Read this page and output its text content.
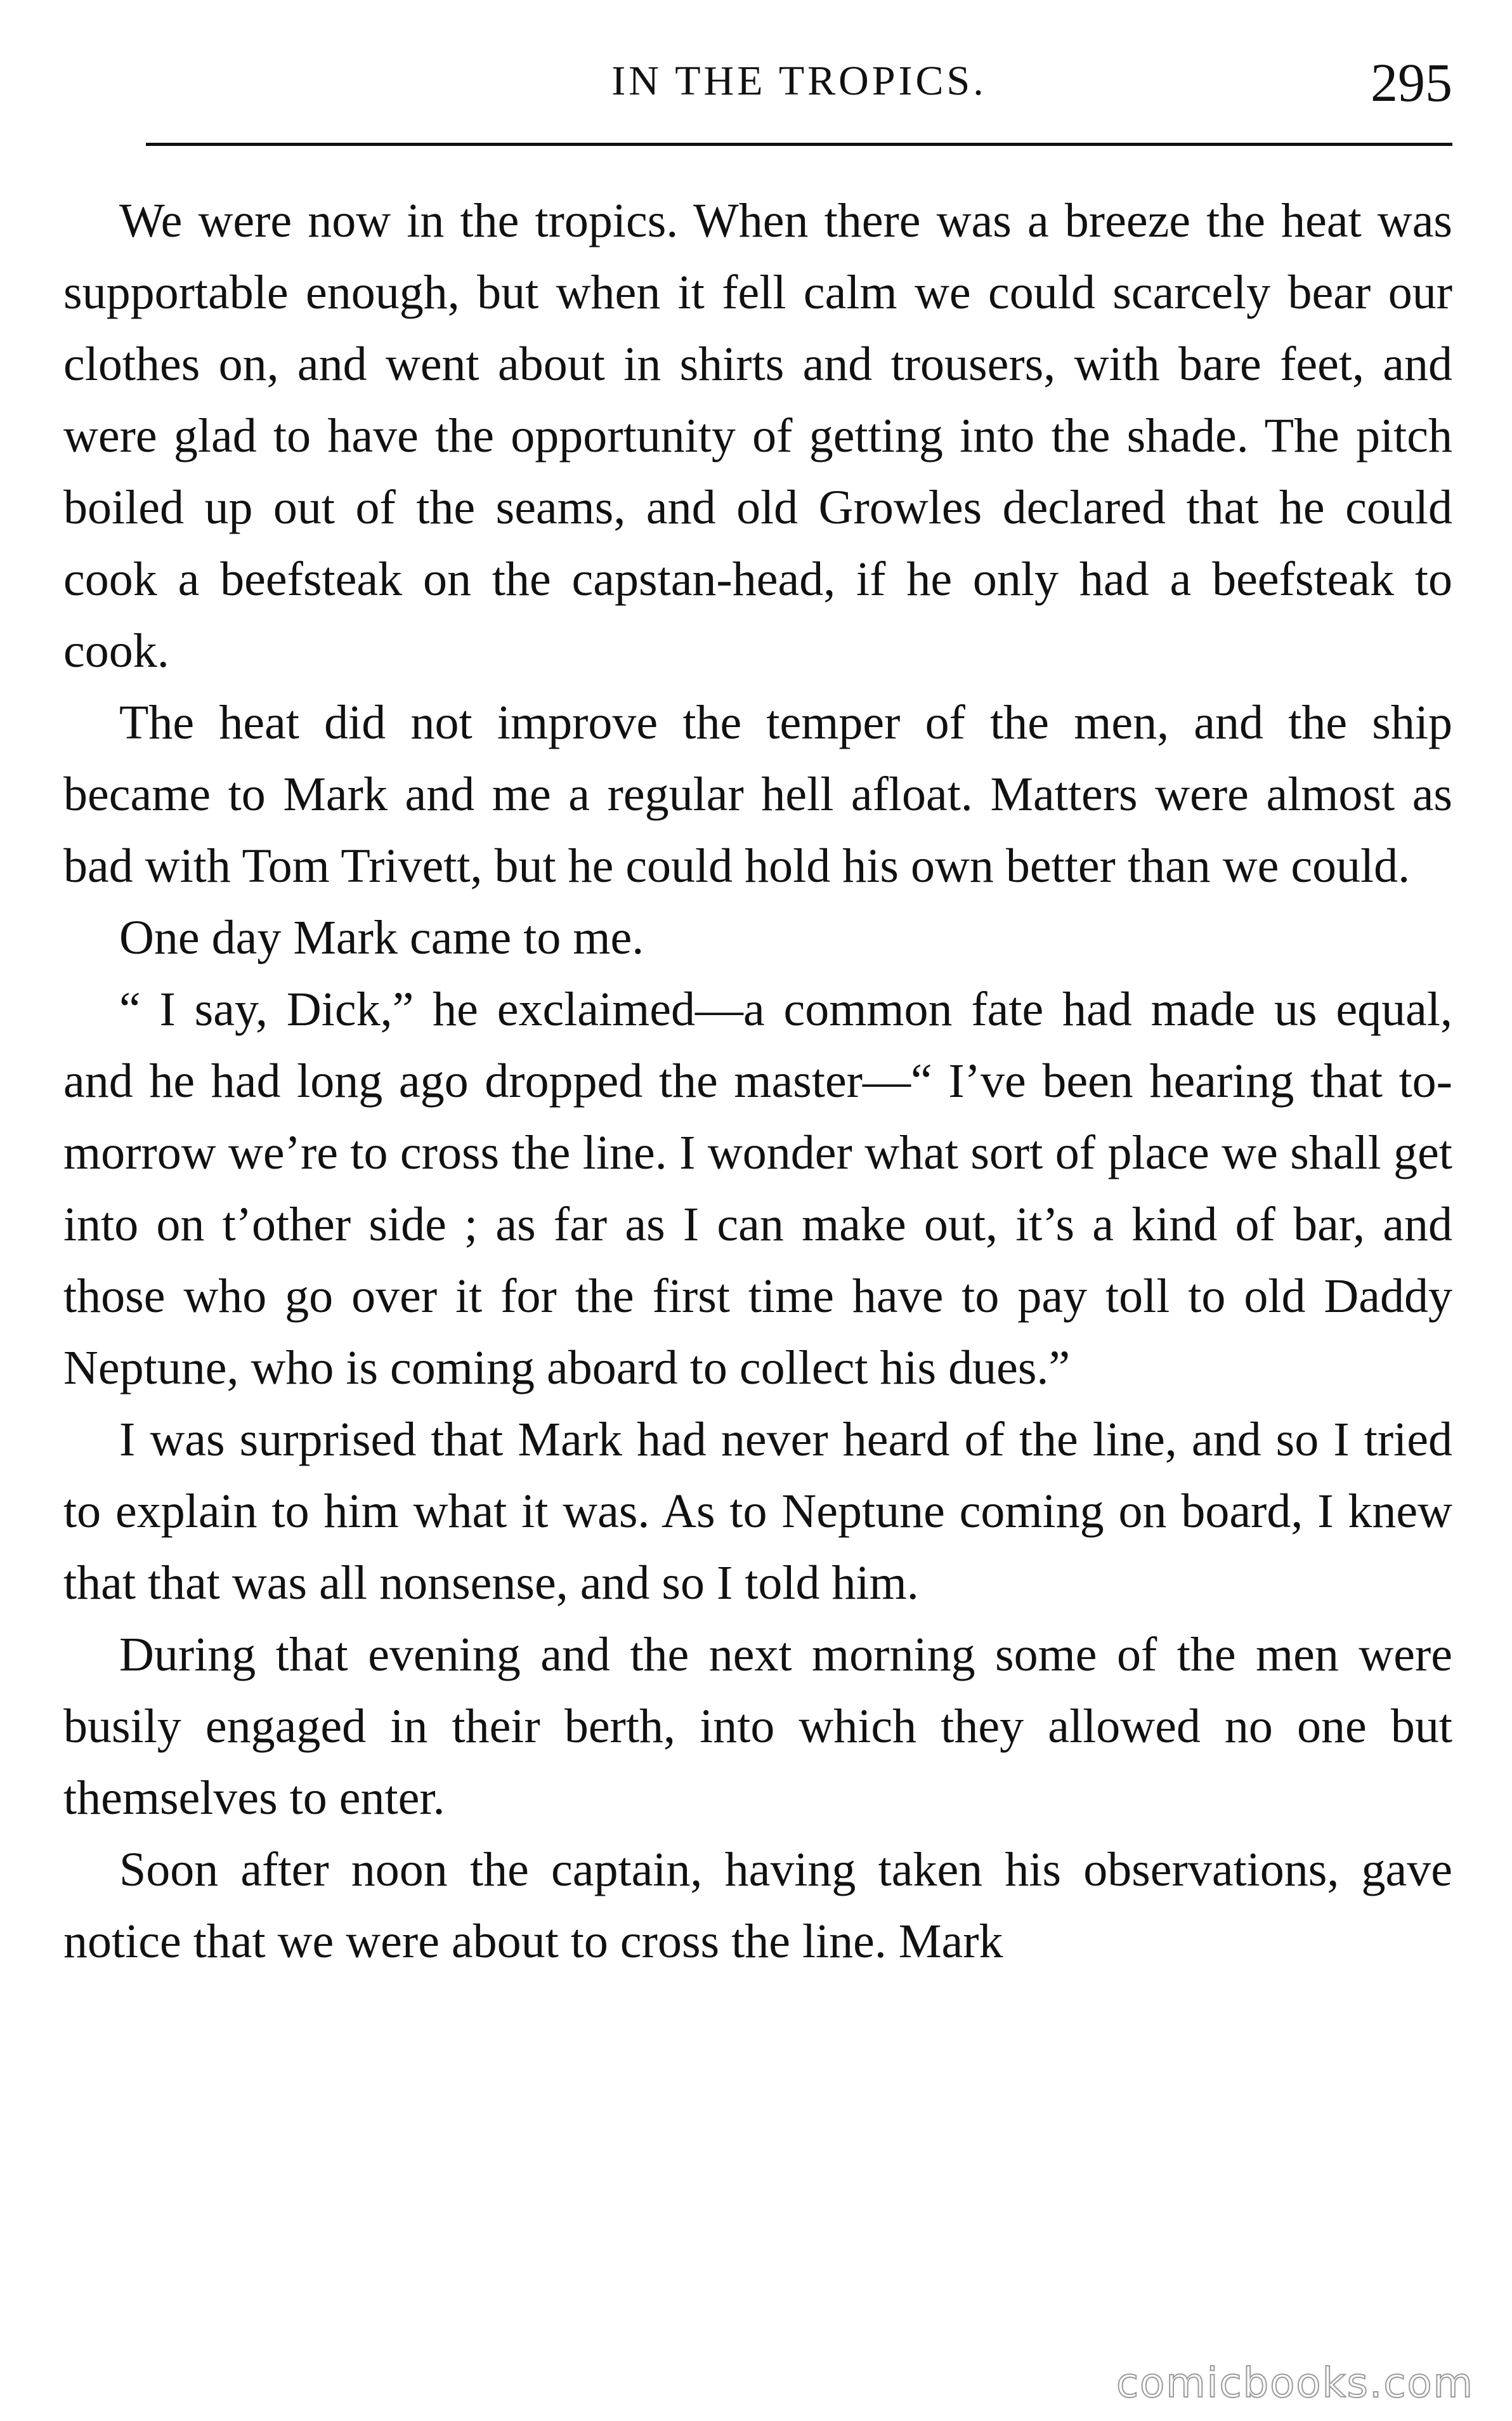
IN THE TROPICS.	295

We were now in the tropics. When there was a breeze the heat was supportable enough, but when it fell calm we could scarcely bear our clothes on, and went about in shirts and trousers, with bare feet, and were glad to have the opportunity of getting into the shade. The pitch boiled up out of the seams, and old Growles declared that he could cook a beefsteak on the capstan-head, if he only had a beefsteak to cook.

The heat did not improve the temper of the men, and the ship became to Mark and me a regular hell afloat. Matters were almost as bad with Tom Trivett, but he could hold his own better than we could.

One day Mark came to me.

“ I say, Dick,” he exclaimed—a common fate had made us equal, and he had long ago dropped the master—“ I’ve been hearing that to-morrow we’re to cross the line. I wonder what sort of place we shall get into on t’other side ; as far as I can make out, it’s a kind of bar, and those who go over it for the first time have to pay toll to old Daddy Neptune, who is coming aboard to collect his dues.”

I was surprised that Mark had never heard of the line, and so I tried to explain to him what it was. As to Neptune coming on board, I knew that that was all nonsense, and so I told him.

During that evening and the next morning some of the men were busily engaged in their berth, into which they allowed no one but themselves to enter.

Soon after noon the captain, having taken his observations, gave notice that we were about to cross the line. Mark

comicbooks.com
